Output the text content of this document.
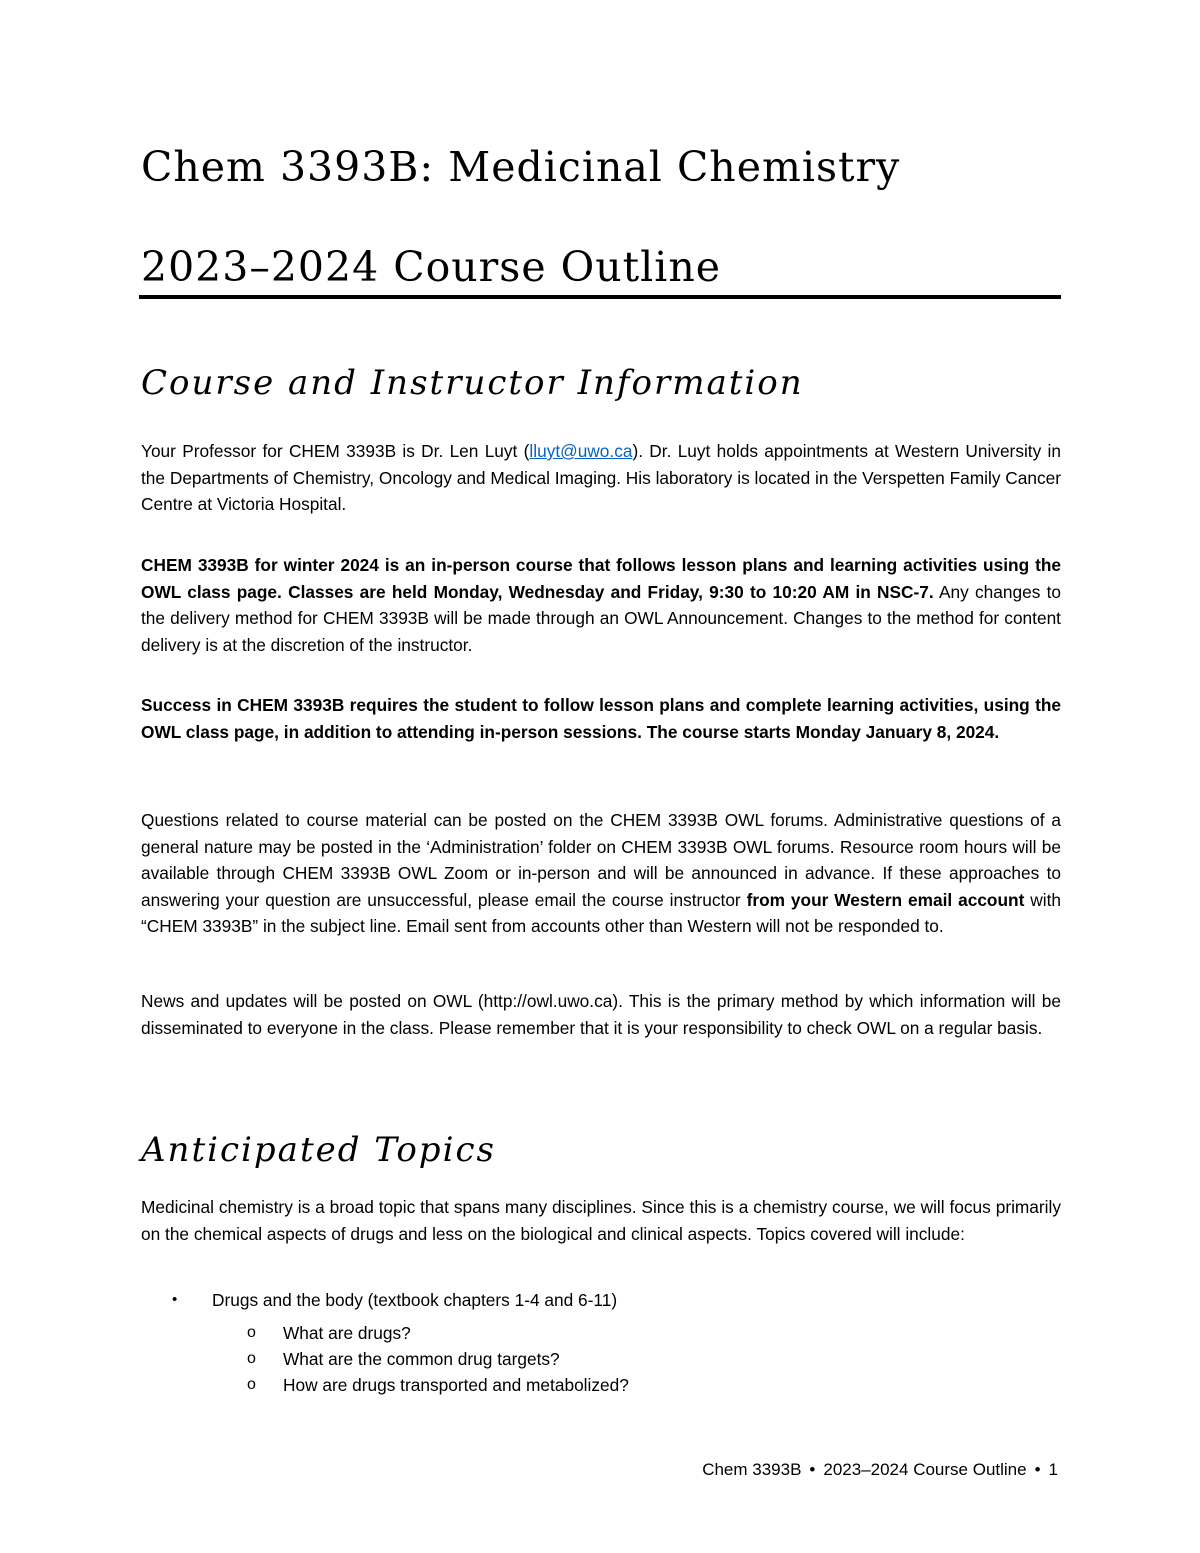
Chem 3393B: Medicinal Chemistry
2023–2024 Course Outline
Course and Instructor Information

Your Professor for CHEM 3393B is Dr. Len Luyt (lluyt@uwo.ca). Dr. Luyt holds appointments at Western University in the Departments of Chemistry, Oncology and Medical Imaging. His laboratory is located in the Verspetten Family Cancer Centre at Victoria Hospital.

CHEM 3393B for winter 2024 is an in-person course that follows lesson plans and learning activities using the OWL class page. Classes are held Monday, Wednesday and Friday, 9:30 to 10:20 AM in NSC-7. Any changes to the delivery method for CHEM 3393B will be made through an OWL Announcement. Changes to the method for content delivery is at the discretion of the instructor.

Success in CHEM 3393B requires the student to follow lesson plans and complete learning activities, using the OWL class page, in addition to attending in-person sessions. The course starts Monday January 8, 2024.

Questions related to course material can be posted on the CHEM 3393B OWL forums. Administrative questions of a general nature may be posted in the ‘Administration’ folder on CHEM 3393B OWL forums. Resource room hours will be available through CHEM 3393B OWL Zoom or in-person and will be announced in advance. If these approaches to answering your question are unsuccessful, please email the course instructor from your Western email account with “CHEM 3393B” in the subject line. Email sent from accounts other than Western will not be responded to.

News and updates will be posted on OWL (http://owl.uwo.ca). This is the primary method by which information will be disseminated to everyone in the class. Please remember that it is your responsibility to check OWL on a regular basis.

Anticipated Topics

Medicinal chemistry is a broad topic that spans many disciplines. Since this is a chemistry course, we will focus primarily on the chemical aspects of drugs and less on the biological and clinical aspects. Topics covered will include:

• Drugs and the body (textbook chapters 1-4 and 6-11)
o What are drugs?
o What are the common drug targets?
o How are drugs transported and metabolized?
Chem 3393B • 2023–2024 Course Outline • 1
